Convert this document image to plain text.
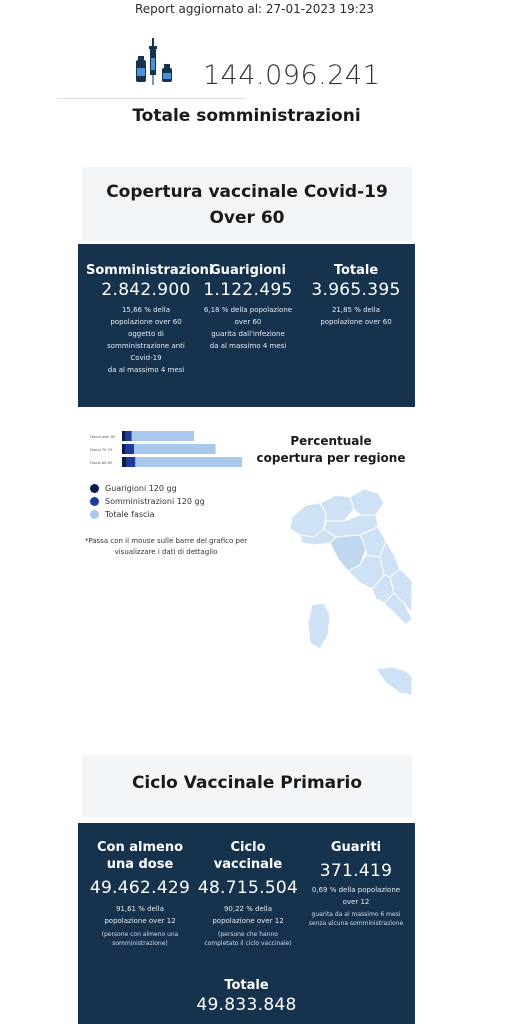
Report aggiornato al: 27-01-2023 19:23
144.096.241
Totale somministrazioni
Copertura vaccinale Covid-19
Over 60
Somministrazioni
2.842.900
15,66 % della
popolazione over 60
oggetto di
somministrazione anti
Covid-19
da al massimo 4 mesi
Guarigioni
1.122.495
6,18 % della popolazione
over 60
guarita dall'infezione
da al massimo 4 mesi
Totale
3.965.395
21,85 % della
popolazione over 60
Fascia over 80
Fascia 70-79
Fascia 60-69
Guarigioni 120 gg
Somministrazioni 120 gg
Totale fascia
*Passa con il mouse sulle barre del grafico per
visualizzare i dati di dettaglio
Percentuale
copertura per regione
Ciclo Vaccinale Primario
Con almeno
una dose
49.462.429
91,61 % della
popolazione over 12
(persone con almeno una
somministrazione)
Ciclo
vaccinale
48.715.504
90,22 % della
popolazione over 12
(persone che hanno
completato il ciclo vaccinale)
Guariti
371.419
0,69 % della popolazione
over 12
guarita da al massimo 6 mesi
senza alcuna somministrazione
Totale
49.833.848
